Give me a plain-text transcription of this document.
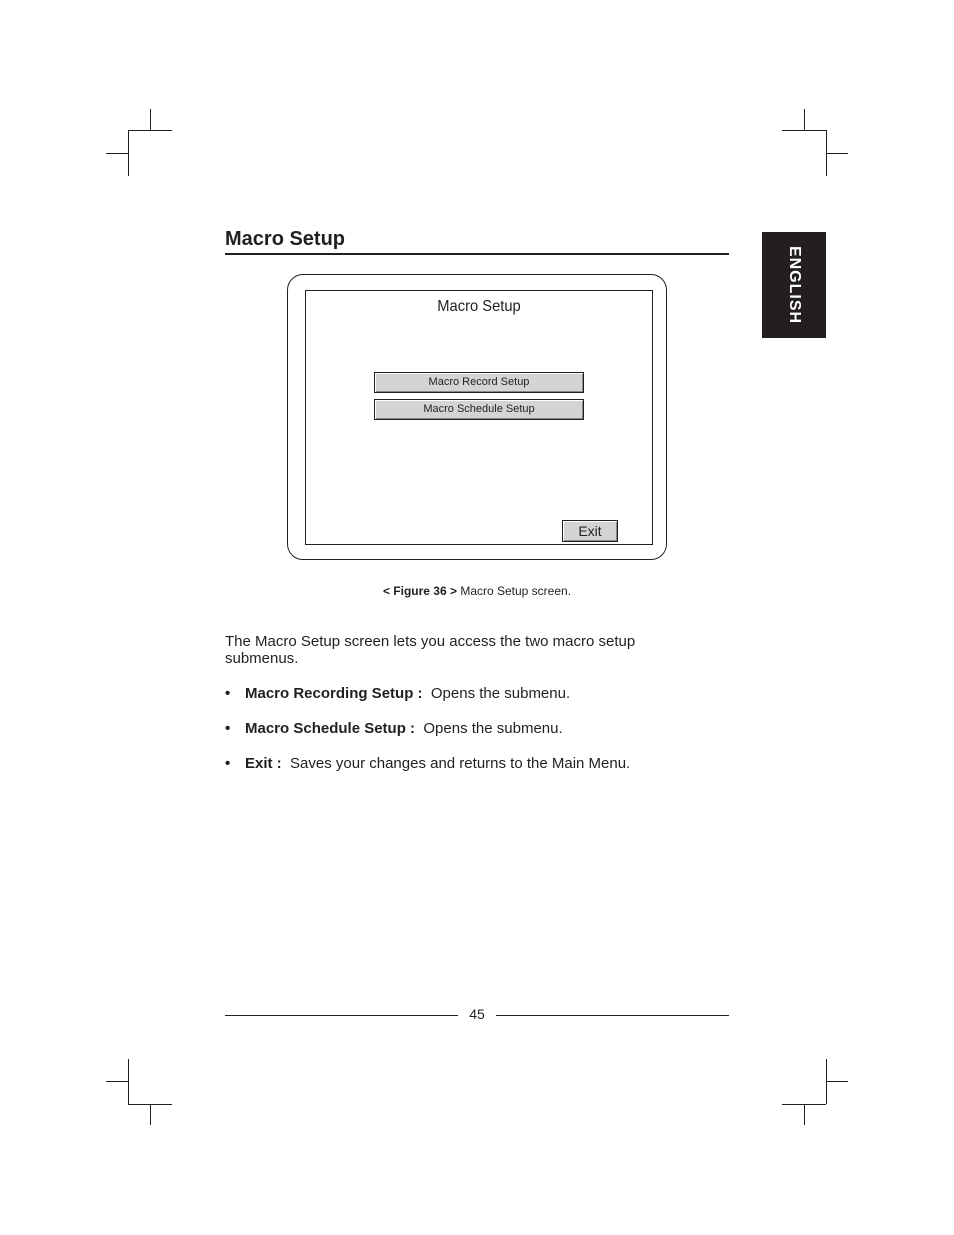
ENGLISH
Macro Setup
Macro Setup
Macro Record Setup
Macro Schedule Setup
Exit
< Figure 36 > Macro Setup screen.

The Macro Setup screen lets you access the two macro setup submenus.

• Macro Recording Setup : Opens the submenu.
• Macro Schedule Setup : Opens the submenu.
• Exit : Saves your changes and returns to the Main Menu.
45
